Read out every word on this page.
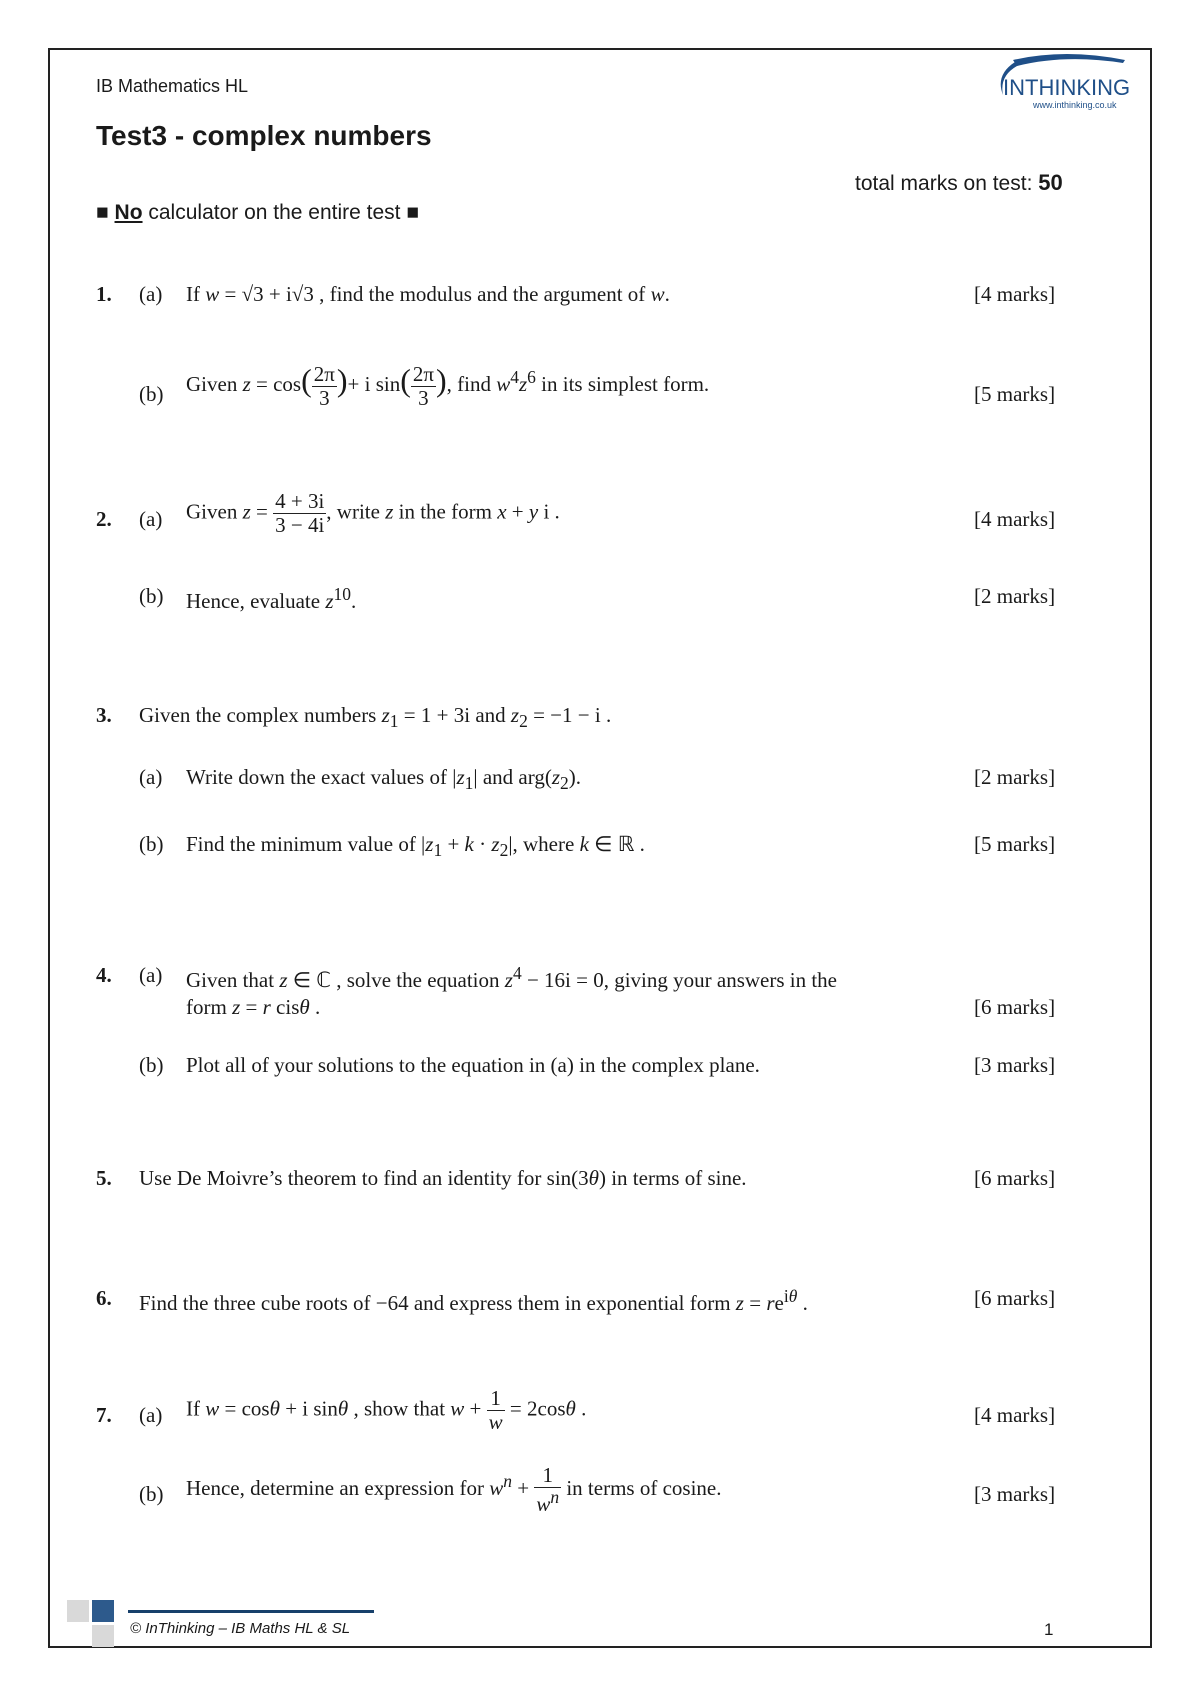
IB Mathematics HL
Test3 - complex numbers
total marks on test: 50
■ No calculator on the entire test ■
INTHINKING
www.inthinking.co.uk
1. (a) If w = √3 + i√3 , find the modulus and the argument of w.	[4 marks]
(b) Given $z = \cos( \frac{2\pi}{3}$ )+ i $\sin( \frac{2\pi}{3}$ ), find $w^4z^6$ in its simplest form.	[5 marks]
2. (a) Given $z = \frac{4 + 3i}{3 - 4i}$ , write z in the form x + y i .	[4 marks]
(b) Hence, evaluate $z^{10}$.	[2 marks]
3. Given the complex numbers $z_1 = 1 + 3i$ and $z_2 = -1 - i$ .
(a) Write down the exact values of $|z_1|$ and $arg(z_2)$.	[2 marks]
(b) Find the minimum value of $|z_1 + k \cdot z_2|$, where k ∈ ℝ .	[5 marks]
4. (a) Given that z ∈ ℂ , solve the equation $z^4 - 16i = 0$, giving your answers in the
form z = r cisθ .	[6 marks]
(b) Plot all of your solutions to the equation in (a) in the complex plane.	[3 marks]
5. Use De Moivre’s theorem to find an identity for sin(3θ) in terms of sine.	[6 marks]
6. Find the three cube roots of −64 and express them in exponential form $z = re^{i\theta}$ .	[6 marks]
7. (a) If w = cosθ + i sinθ , show that $w + \frac{1}{w} = 2\cos\theta$ .	[4 marks]
(b) Hence, determine an expression for $w^n + \frac{1}{w^n}$ in terms of cosine.	[3 marks]
© InThinking – IB Maths HL & SL	1
